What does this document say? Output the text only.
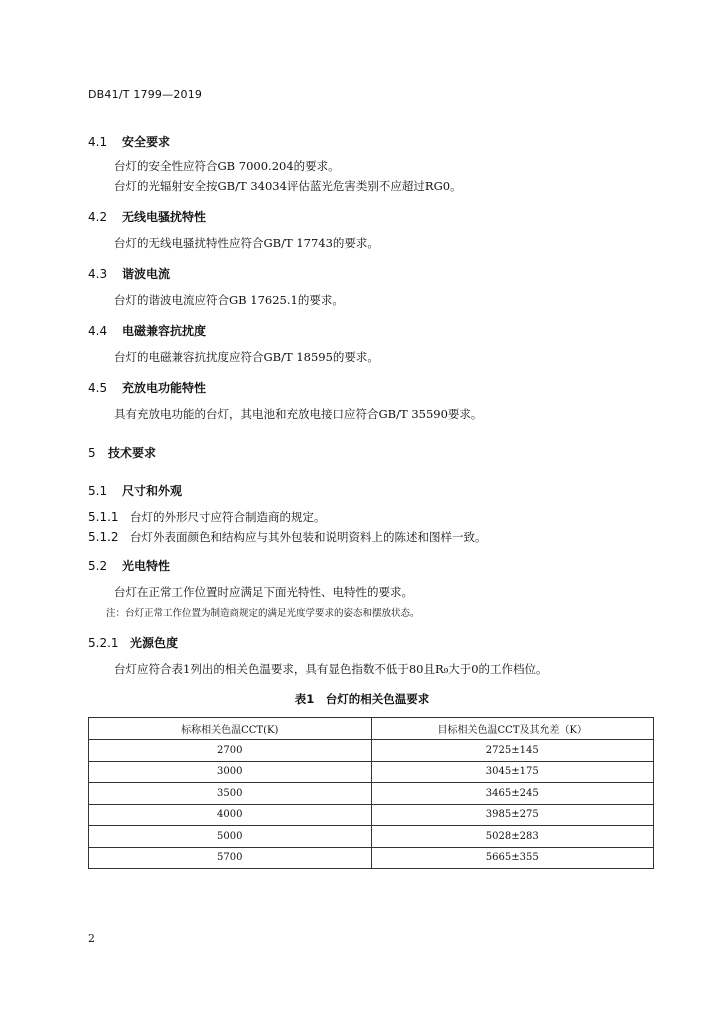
DB41/T 1799—2019
4.1 安全要求
台灯的安全性应符合GB 7000.204的要求。
台灯的光辐射安全按GB/T 34034评估蓝光危害类别不应超过RG0。
4.2 无线电骚扰特性
台灯的无线电骚扰特性应符合GB/T 17743的要求。
4.3 谐波电流
台灯的谐波电流应符合GB 17625.1的要求。
4.4 电磁兼容抗扰度
台灯的电磁兼容抗扰度应符合GB/T 18595的要求。
4.5 充放电功能特性
具有充放电功能的台灯，其电池和充放电接口应符合GB/T 35590要求。
5 技术要求
5.1 尺寸和外观
5.1.1 台灯的外形尺寸应符合制造商的规定。
5.1.2 台灯外表面颜色和结构应与其外包装和说明资料上的陈述和图样一致。
5.2 光电特性
台灯在正常工作位置时应满足下面光特性、电特性的要求。
注：台灯正常工作位置为制造商规定的满足光度学要求的姿态和摆放状态。
5.2.1 光源色度
台灯应符合表1列出的相关色温要求，具有显色指数不低于80且R₉大于0的工作档位。
表1　台灯的相关色温要求
标称相关色温CCT(K)	目标相关色温CCT及其允差（K）
2700	2725±145
3000	3045±175
3500	3465±245
4000	3985±275
5000	5028±283
5700	5665±355
2
